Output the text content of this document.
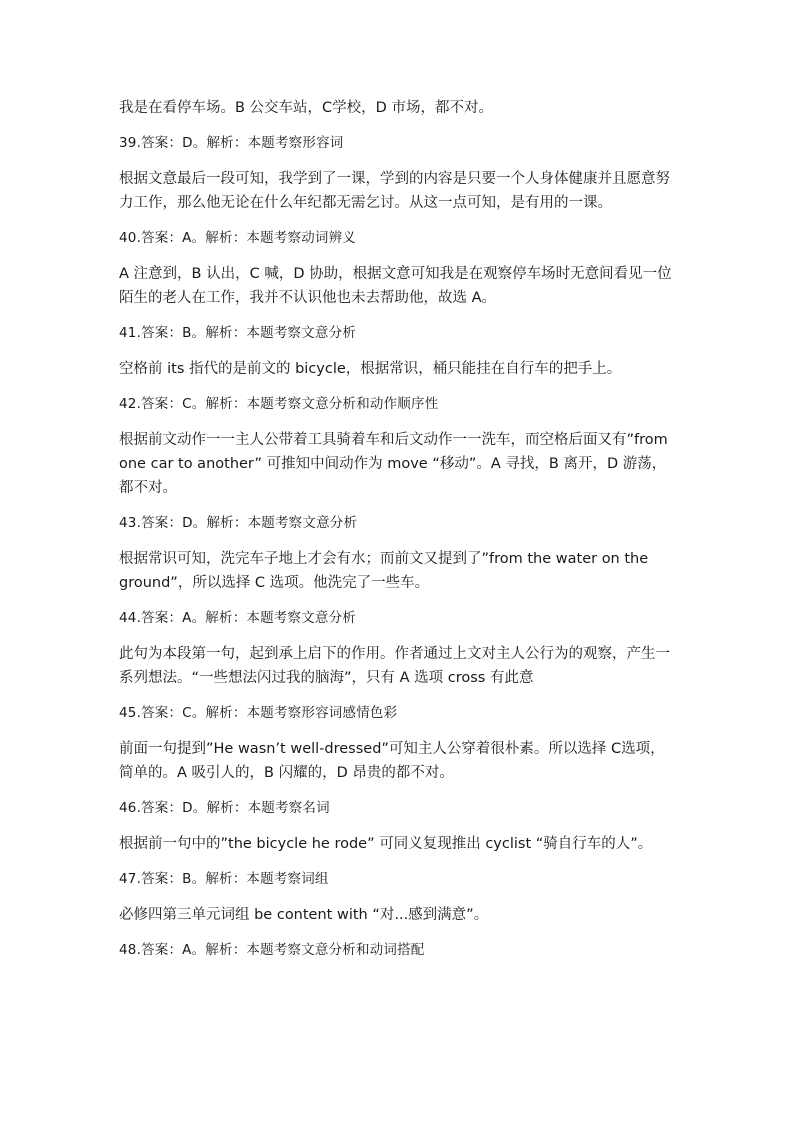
我是在看停车场。B 公交车站，C学校，D 市场，都不对。

39.答案：D。解析：本题考察形容词

根据文意最后一段可知，我学到了一课，学到的内容是只要一个人身体健康并且愿意努力工作，那么他无论在什么年纪都无需乞讨。从这一点可知，是有用的一课。

40.答案：A。解析：本题考察动词辨义

A 注意到，B 认出，C 喊，D 协助，根据文意可知我是在观察停车场时无意间看见一位陌生的老人在工作，我并不认识他也未去帮助他，故选 A。

41.答案：B。解析：本题考察文意分析

空格前 its 指代的是前文的 bicycle，根据常识，桶只能挂在自行车的把手上。

42.答案：C。解析：本题考察文意分析和动作顺序性

根据前文动作一一主人公带着工具骑着车和后文动作一一洗车，而空格后面又有”from one car to another” 可推知中间动作为 move “移动”。A 寻找，B 离开，D 游荡，都不对。

43.答案：D。解析：本题考察文意分析

根据常识可知，洗完车子地上才会有水；而前文又提到了”from the water on the ground”，所以选择 C 选项。他洗完了一些车。

44.答案：A。解析：本题考察文意分析

此句为本段第一句，起到承上启下的作用。作者通过上文对主人公行为的观察，产生一系列想法。“一些想法闪过我的脑海”，只有 A 选项 cross 有此意

45.答案：C。解析：本题考察形容词感情色彩

前面一句提到”He wasn’t well-dressed”可知主人公穿着很朴素。所以选择 C选项，简单的。A 吸引人的，B 闪耀的，D 昂贵的都不对。

46.答案：D。解析：本题考察名词

根据前一句中的”the bicycle he rode” 可同义复现推出 cyclist “骑自行车的人”。

47.答案：B。解析：本题考察词组

必修四第三单元词组 be content with “对...感到满意”。

48.答案：A。解析：本题考察文意分析和动词搭配
